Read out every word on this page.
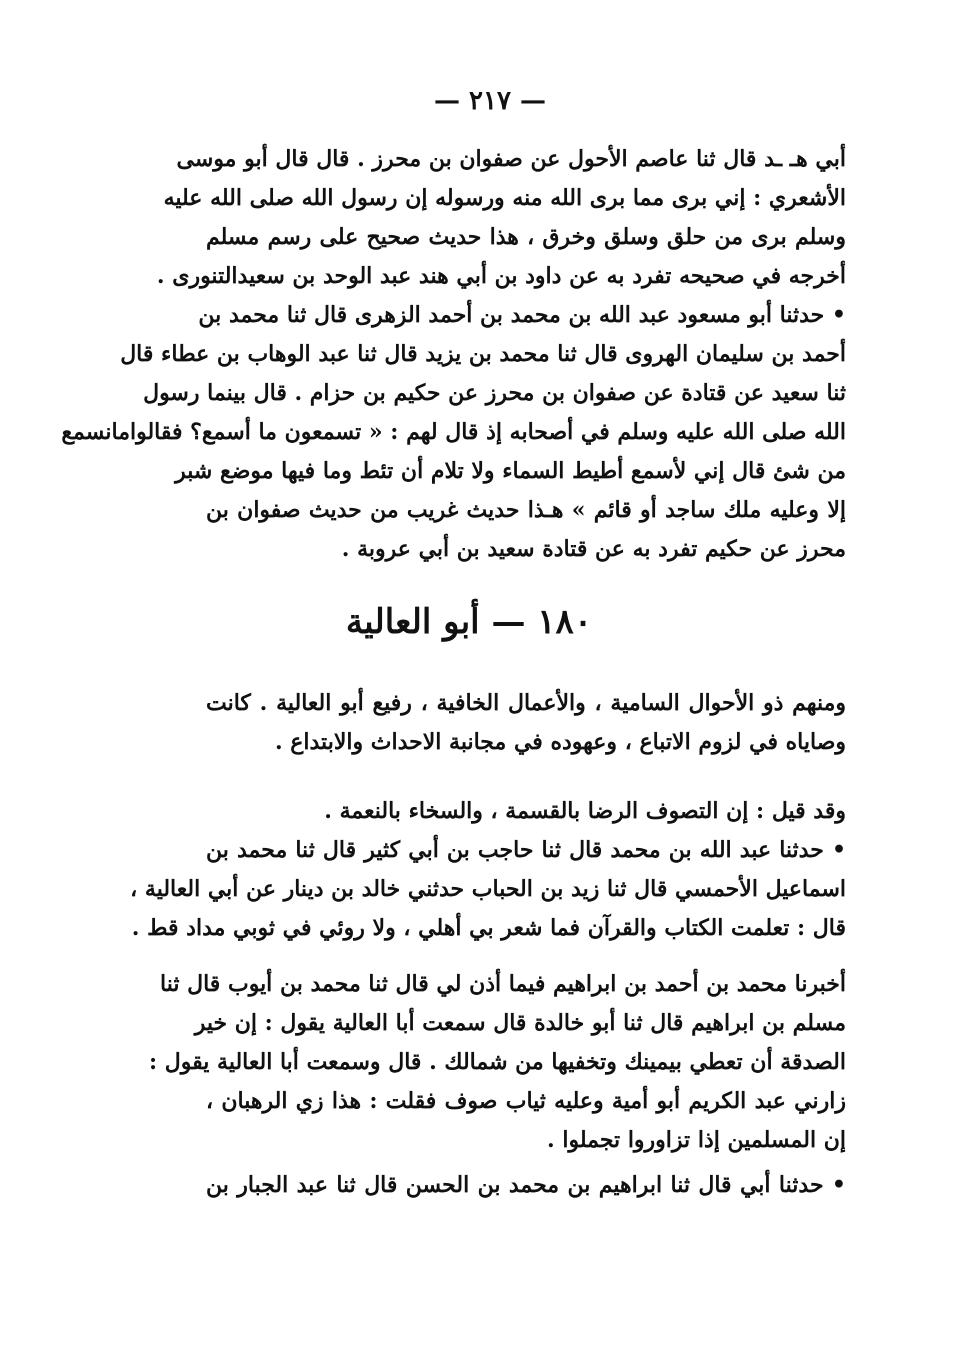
— ٢١٧ —
أبي هـ ـد قال ثنا عاصم الأحول عن صفوان بن محرز . قال قال أبو موسى
الأشعري : إني برى مما برى الله منه ورسوله إن رسول الله صلى الله عليه
وسلم برى من حلق وسلق وخرق ، هذا حديث صحيح على رسم مسلم
أخرجه في صحيحه تفرد به عن داود بن أبي هند عبد الوحد بن سعيدالتنورى .
• حدثنا أبو مسعود عبد الله بن محمد بن أحمد الزهرى قال ثنا محمد بن
أحمد بن سليمان الهروى قال ثنا محمد بن يزيد قال ثنا عبد الوهاب بن عطاء قال
ثنا سعيد عن قتادة عن صفوان بن محرز عن حكيم بن حزام . قال بينما رسول
الله صلى الله عليه وسلم في أصحابه إذ قال لهم : « تسمعون ما أسمع؟ فقالوامانسمع
من شئ قال إني لأسمع أطيط السماء ولا تلام أن تئط وما فيها موضع شبر
إلا وعليه ملك ساجد أو قائم » هـذا حديث غريب من حديث صفوان بن
محرز عن حكيم تفرد به عن قتادة سعيد بن أبي عروبة .
١٨٠ — أبو العالية
ومنهم ذو الأحوال السامية ، والأعمال الخافية ، رفيع أبو العالية . كانت
وصاياه في لزوم الاتباع ، وعهوده في مجانبة الاحداث والابتداع .
وقد قيل : إن التصوف الرضا بالقسمة ، والسخاء بالنعمة .
• حدثنا عبد الله بن محمد قال ثنا حاجب بن أبي كثير قال ثنا محمد بن
اسماعيل الأحمسي قال ثنا زيد بن الحباب حدثني خالد بن دينار عن أبي العالية ،
قال : تعلمت الكتاب والقرآن فما شعر بي أهلي ، ولا روئي في ثوبي مداد قط .
أخبرنا محمد بن أحمد بن ابراهيم فيما أذن لي قال ثنا محمد بن أيوب قال ثنا
مسلم بن ابراهيم قال ثنا أبو خالدة قال سمعت أبا العالية يقول : إن خير
الصدقة أن تعطي بيمينك وتخفيها من شمالك . قال وسمعت أبا العالية يقول :
زارني عبد الكريم أبو أمية وعليه ثياب صوف فقلت : هذا زي الرهبان ،
إن المسلمين إذا تزاوروا تجملوا .
• حدثنا أبي قال ثنا ابراهيم بن محمد بن الحسن قال ثنا عبد الجبار بن
